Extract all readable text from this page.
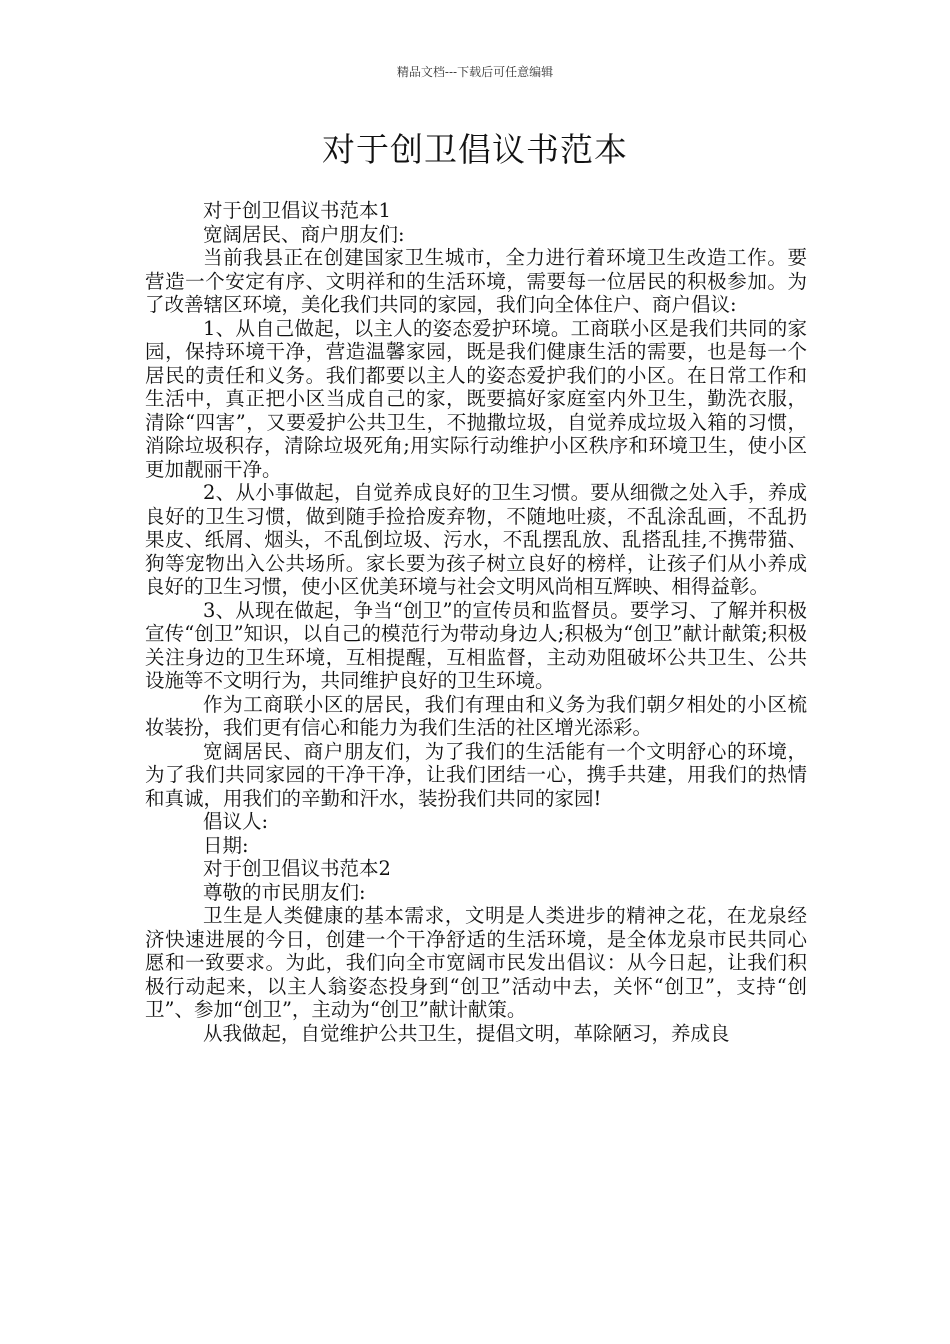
精品文档---下载后可任意编辑
对于创卫倡议书范本

对于创卫倡议书范本1

宽阔居民、商户朋友们:

当前我县正在创建国家卫生城市，全力进行着环境卫生改造工作。要营造一个安定有序、文明祥和的生活环境，需要每一位居民的积极参加。为了改善辖区环境，美化我们共同的家园，我们向全体住户、商户倡议:

1、从自己做起，以主人的姿态爱护环境。工商联小区是我们共同的家园，保持环境干净，营造温馨家园，既是我们健康生活的需要，也是每一个居民的责任和义务。我们都要以主人的姿态爱护我们的小区。在日常工作和生活中，真正把小区当成自己的家，既要搞好家庭室内外卫生，勤洗衣服，清除“四害”，又要爱护公共卫生，不抛撒垃圾，自觉养成垃圾入箱的习惯，消除垃圾积存，清除垃圾死角;用实际行动维护小区秩序和环境卫生，使小区更加靓丽干净。

2、从小事做起，自觉养成良好的卫生习惯。要从细微之处入手，养成良好的卫生习惯，做到随手捡拾废弃物，不随地吐痰，不乱涂乱画，不乱扔果皮、纸屑、烟头，不乱倒垃圾、污水，不乱摆乱放、乱搭乱挂,不携带猫、狗等宠物出入公共场所。家长要为孩子树立良好的榜样，让孩子们从小养成良好的卫生习惯，使小区优美环境与社会文明风尚相互辉映、相得益彰。

3、从现在做起，争当“创卫”的宣传员和监督员。要学习、了解并积极宣传“创卫”知识，以自己的模范行为带动身边人;积极为“创卫”献计献策;积极关注身边的卫生环境，互相提醒，互相监督，主动劝阻破坏公共卫生、公共设施等不文明行为，共同维护良好的卫生环境。

作为工商联小区的居民，我们有理由和义务为我们朝夕相处的小区梳妆装扮，我们更有信心和能力为我们生活的社区增光添彩。

宽阔居民、商户朋友们，为了我们的生活能有一个文明舒心的环境，为了我们共同家园的干净干净，让我们团结一心，携手共建，用我们的热情和真诚，用我们的辛勤和汗水，装扮我们共同的家园!

倡议人:

日期:

对于创卫倡议书范本2

尊敬的市民朋友们:

卫生是人类健康的基本需求，文明是人类进步的精神之花，在龙泉经济快速进展的今日，创建一个干净舒适的生活环境，是全体龙泉市民共同心愿和一致要求。为此，我们向全市宽阔市民发出倡议：从今日起，让我们积极行动起来，以主人翁姿态投身到“创卫”活动中去，关怀“创卫”，支持“创卫”、参加“创卫”，主动为“创卫”献计献策。

从我做起，自觉维护公共卫生，提倡文明，革除陋习，养成良
